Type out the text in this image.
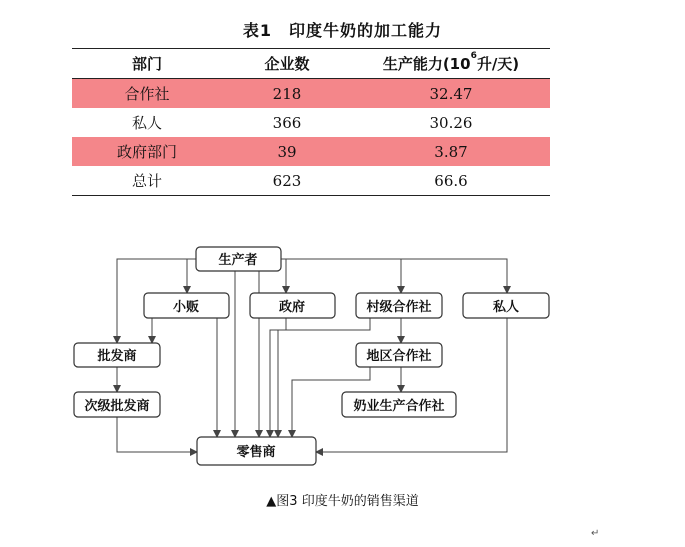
表1　印度牛奶的加工能力
部门	企业数	生产能力($10^6$升/天)
合作社	218	32.47
私人	366	30.26
政府部门	39	3.87
总计	623	66.6
生产者
小贩	政府	村级合作社	私人
批发商	地区合作社
次级批发商	奶业生产合作社
零售商
▲图3 印度牛奶的销售渠道
↵
